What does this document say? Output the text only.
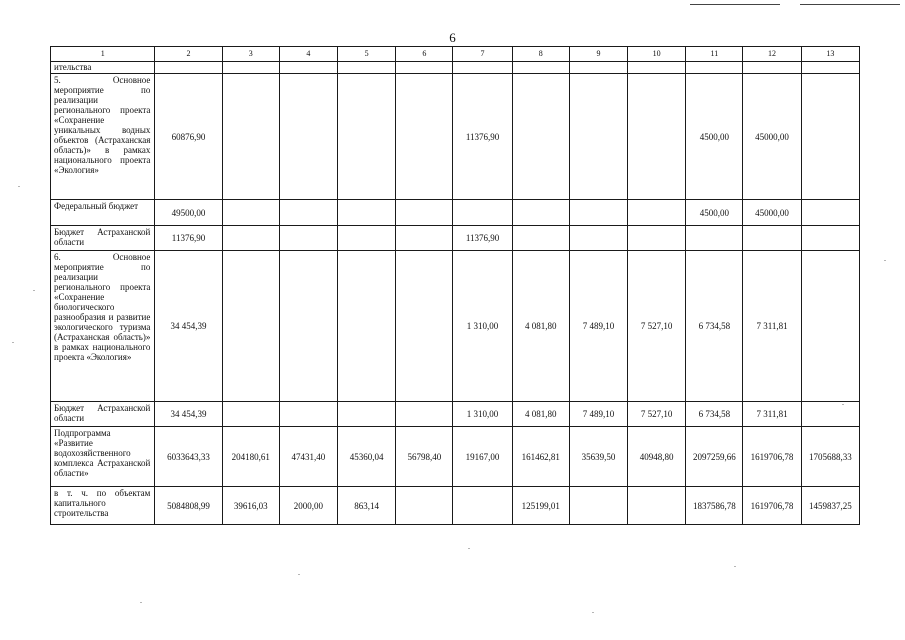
6
1	2	3	4	5	6	7	8	9	10	11	12	13
ительства												
5. Основное мероприятие по реализации регионального проекта «Сохранение уникальных водных объектов (Астраханская область)» в рамках национального проекта «Экология»	60876,90					11376,90				4500,00	45000,00	
Федеральный бюджет	49500,00									4500,00	45000,00	
Бюджет Астраханской области	11376,90					11376,90						
6. Основное мероприятие по реализации регионального проекта «Сохранение биологического разнообразия и развитие экологического туризма (Астраханская область)» в рамках национального проекта «Экология»	34 454,39					1 310,00	4 081,80	7 489,10	7 527,10	6 734,58	7 311,81	
Бюджет Астраханской области	34 454,39					1 310,00	4 081,80	7 489,10	7 527,10	6 734,58	7 311,81	
Подпрограмма «Развитие водохозяйственного комплекса Астраханской области»	6033643,33	204180,61	47431,40	45360,04	56798,40	19167,00	161462,81	35639,50	40948,80	2097259,66	1619706,78	1705688,33
в т. ч. по объектам капитального строительства	5084808,99	39616,03	2000,00	863,14			125199,01			1837586,78	1619706,78	1459837,25
